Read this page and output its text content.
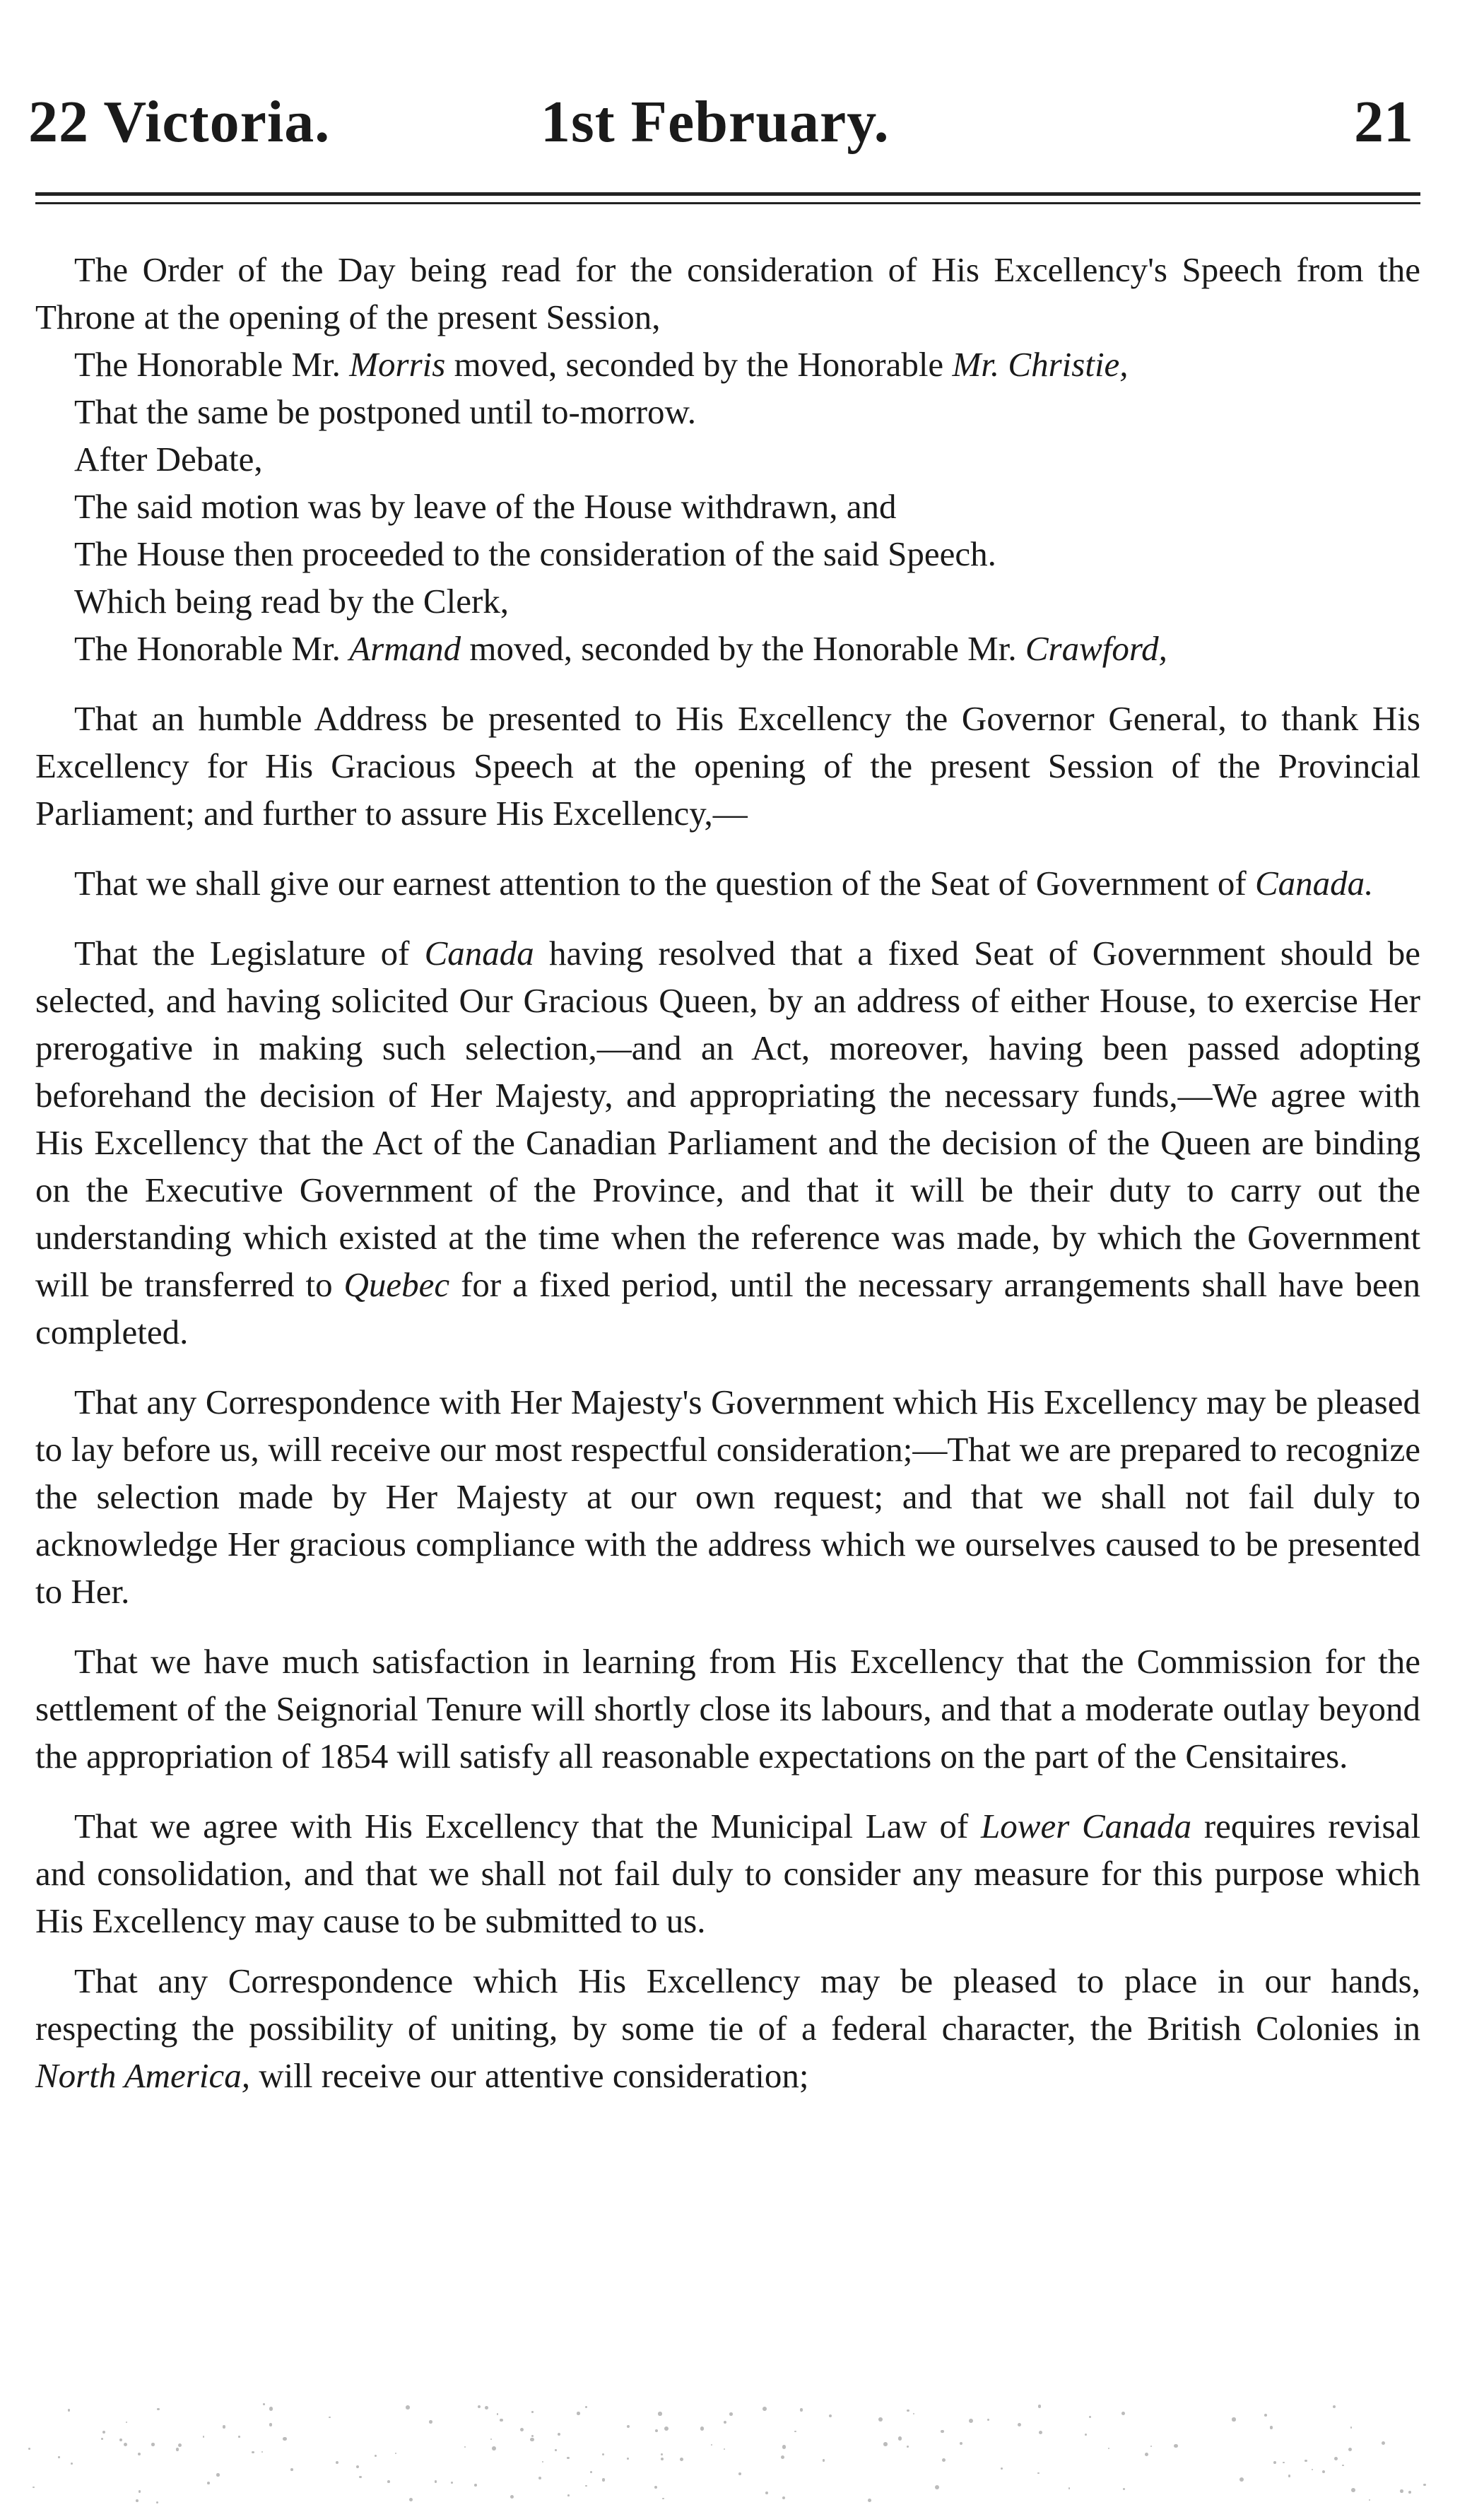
22 Victoria.	1st February.	21

The Order of the Day being read for the consideration of His Excellency's Speech from the Throne at the opening of the present Session,

The Honorable Mr. Morris moved, seconded by the Honorable Mr. Christie,

That the same be postponed until to-morrow.

After Debate,

The said motion was by leave of the House withdrawn, and

The House then proceeded to the consideration of the said Speech.

Which being read by the Clerk,

The Honorable Mr. Armand moved, seconded by the Honorable Mr. Crawford,

That an humble Address be presented to His Excellency the Governor General, to thank His Excellency for His Gracious Speech at the opening of the present Session of the Provincial Parliament; and further to assure His Excellency,—

That we shall give our earnest attention to the question of the Seat of Government of Canada.

That the Legislature of Canada having resolved that a fixed Seat of Government should be selected, and having solicited Our Gracious Queen, by an address of either House, to exercise Her prerogative in making such selection,—and an Act, moreover, having been passed adopting beforehand the decision of Her Majesty, and appropriating the necessary funds,—We agree with His Excellency that the Act of the Canadian Parliament and the decision of the Queen are binding on the Executive Government of the Province, and that it will be their duty to carry out the understanding which existed at the time when the reference was made, by which the Government will be transferred to Quebec for a fixed period, until the necessary arrangements shall have been completed.

That any Correspondence with Her Majesty's Government which His Excellency may be pleased to lay before us, will receive our most respectful consideration;—That we are prepared to recognize the selection made by Her Majesty at our own request; and that we shall not fail duly to acknowledge Her gracious compliance with the address which we ourselves caused to be presented to Her.

That we have much satisfaction in learning from His Excellency that the Commission for the settlement of the Seignorial Tenure will shortly close its labours, and that a moderate outlay beyond the appropriation of 1854 will satisfy all reasonable expectations on the part of the Censitaires.

That we agree with His Excellency that the Municipal Law of Lower Canada requires revisal and consolidation, and that we shall not fail duly to consider any measure for this purpose which His Excellency may cause to be submitted to us.

That any Correspondence which His Excellency may be pleased to place in our hands, respecting the possibility of uniting, by some tie of a federal character, the British Colonies in North America, will receive our attentive consideration;
